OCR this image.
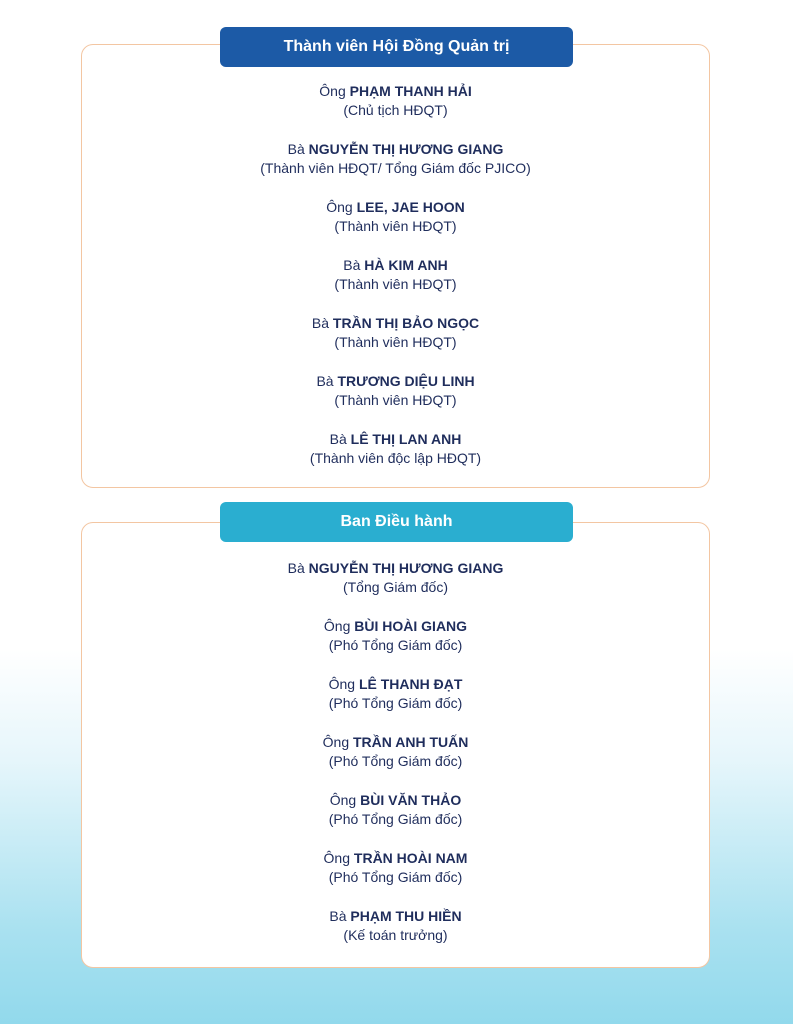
Thành viên Hội Đồng Quản trị
Ông PHẠM THANH HẢI
(Chủ tịch HĐQT)
Bà NGUYỄN THỊ HƯƠNG GIANG
(Thành viên HĐQT/ Tổng Giám đốc PJICO)
Ông LEE, JAE HOON
(Thành viên HĐQT)
Bà HÀ KIM ANH
(Thành viên HĐQT)
Bà TRẦN THỊ BẢO NGỌC
(Thành viên HĐQT)
Bà TRƯƠNG DIỆU LINH
(Thành viên HĐQT)
Bà LÊ THỊ LAN ANH
(Thành viên độc lập HĐQT)
Ban Điều hành
Bà NGUYỄN THỊ HƯƠNG GIANG
(Tổng Giám đốc)
Ông BÙI HOÀI GIANG
(Phó Tổng Giám đốc)
Ông LÊ THANH ĐẠT
(Phó Tổng Giám đốc)
Ông TRẦN ANH TUẤN
(Phó Tổng Giám đốc)
Ông BÙI VĂN THẢO
(Phó Tổng Giám đốc)
Ông TRẦN HOÀI NAM
(Phó Tổng Giám đốc)
Bà PHẠM THU HIỀN
(Kế toán trưởng)
